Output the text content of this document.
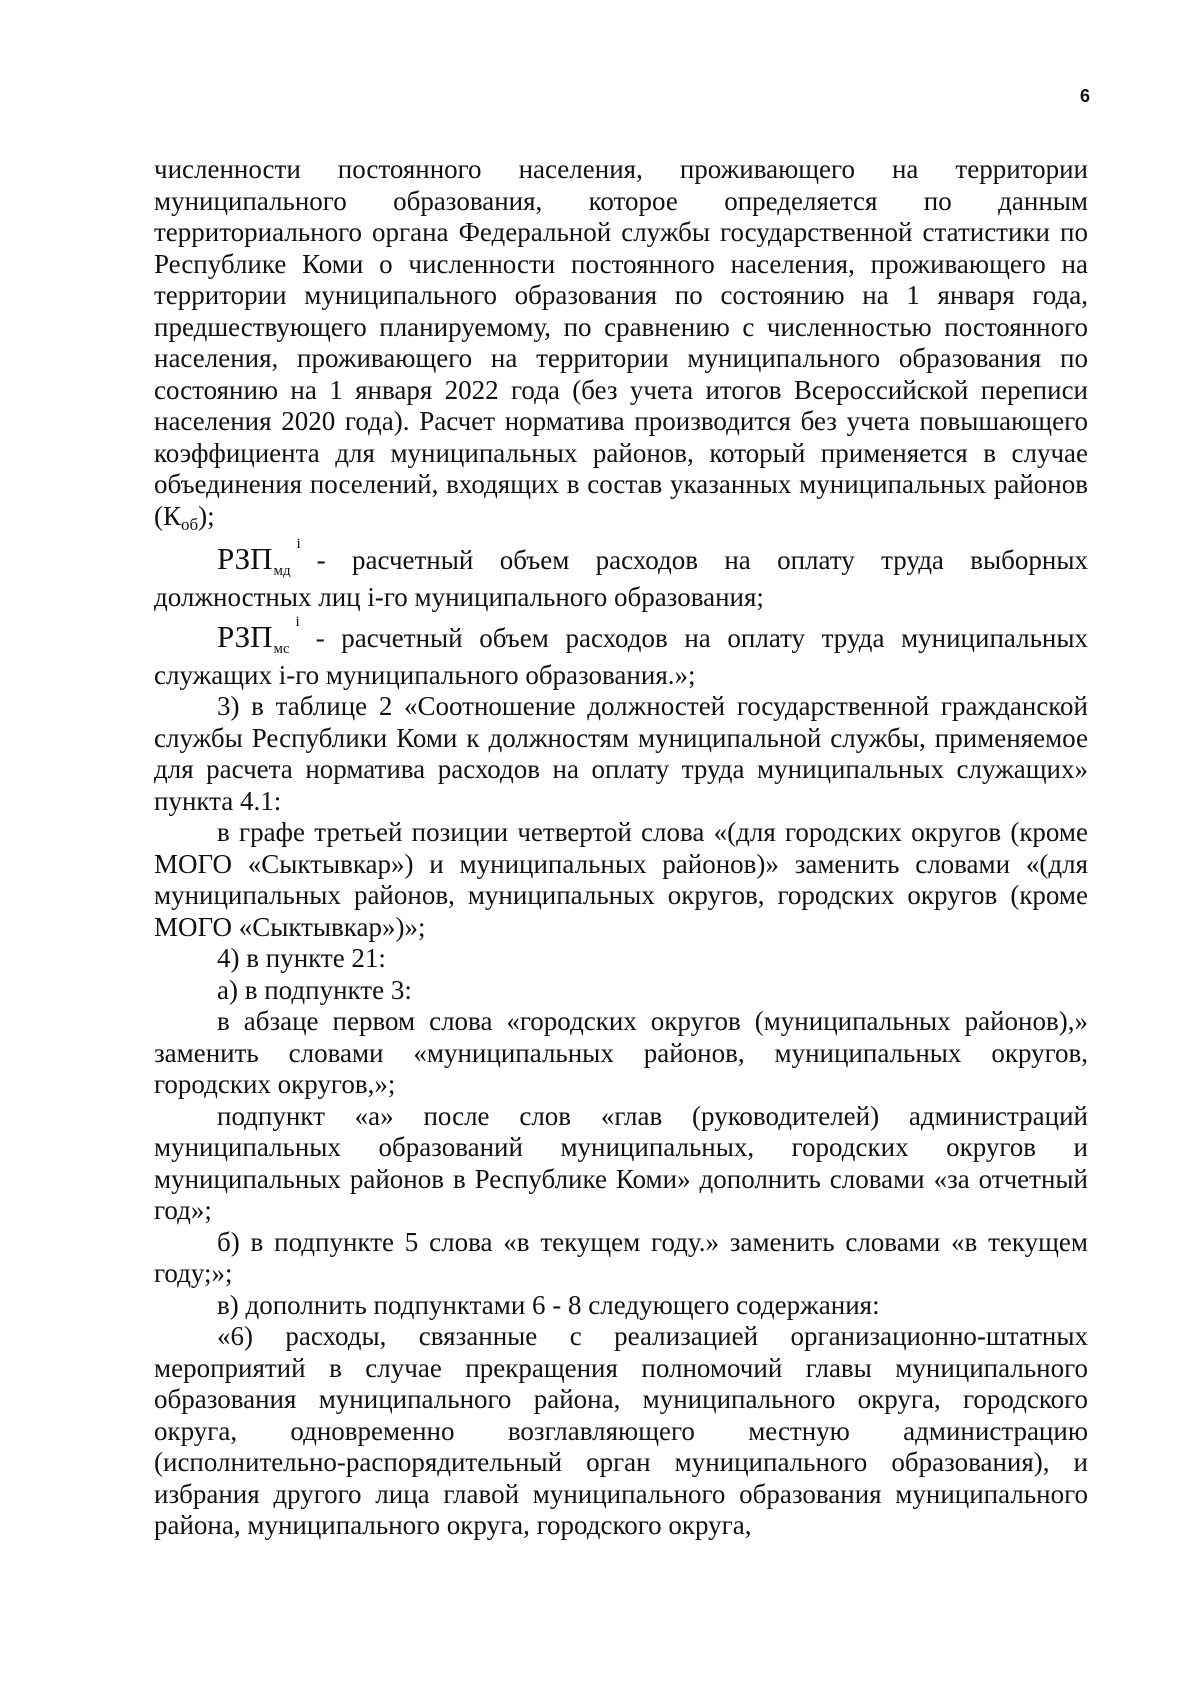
6

численности постоянного населения, проживающего на территории муниципального образования, которое определяется по данным территориального органа Федеральной службы государственной статистики по Республике Коми о численности постоянного населения, проживающего на территории муниципального образования по состоянию на 1 января года, предшествующего планируемому, по сравнению с численностью постоянного населения, проживающего на территории муниципального образования по состоянию на 1 января 2022 года (без учета итогов Всероссийской переписи населения 2020 года). Расчет норматива производится без учета повышающего коэффициента для муниципальных районов, который применяется в случае объединения поселений, входящих в состав указанных муниципальных районов (Коб);

РЗПмд
i
- расчетный объем расходов на оплату труда выборных должностных лиц i-го муниципального образования;

РЗПмс
i
- расчетный объем расходов на оплату труда муниципальных служащих i-го муниципального образования.»;

3) в таблице 2 «Соотношение должностей государственной гражданской службы Республики Коми к должностям муниципальной службы, применяемое для расчета норматива расходов на оплату труда муниципальных служащих» пункта 4.1:

в графе третьей позиции четвертой слова «(для городских округов (кроме МОГО «Сыктывкар») и муниципальных районов)» заменить словами «(для муниципальных районов, муниципальных округов, городских округов (кроме МОГО «Сыктывкар»)»;

4) в пункте 21:

а) в подпункте 3:

в абзаце первом слова «городских округов (муниципальных районов),» заменить словами «муниципальных районов, муниципальных округов, городских округов,»;

подпункт «а» после слов «глав (руководителей) администраций муниципальных образований муниципальных, городских округов и муниципальных районов в Республике Коми» дополнить словами «за отчетный год»;

б) в подпункте 5 слова «в текущем году.» заменить словами «в текущем году;»;

в) дополнить подпунктами 6 - 8 следующего содержания:

«6) расходы, связанные с реализацией организационно-штатных мероприятий в случае прекращения полномочий главы муниципального образования муниципального района, муниципального округа, городского округа, одновременно возглавляющего местную администрацию (исполнительно-распорядительный орган муниципального образования), и избрания другого лица главой муниципального образования муниципального района, муниципального округа, городского округа,
